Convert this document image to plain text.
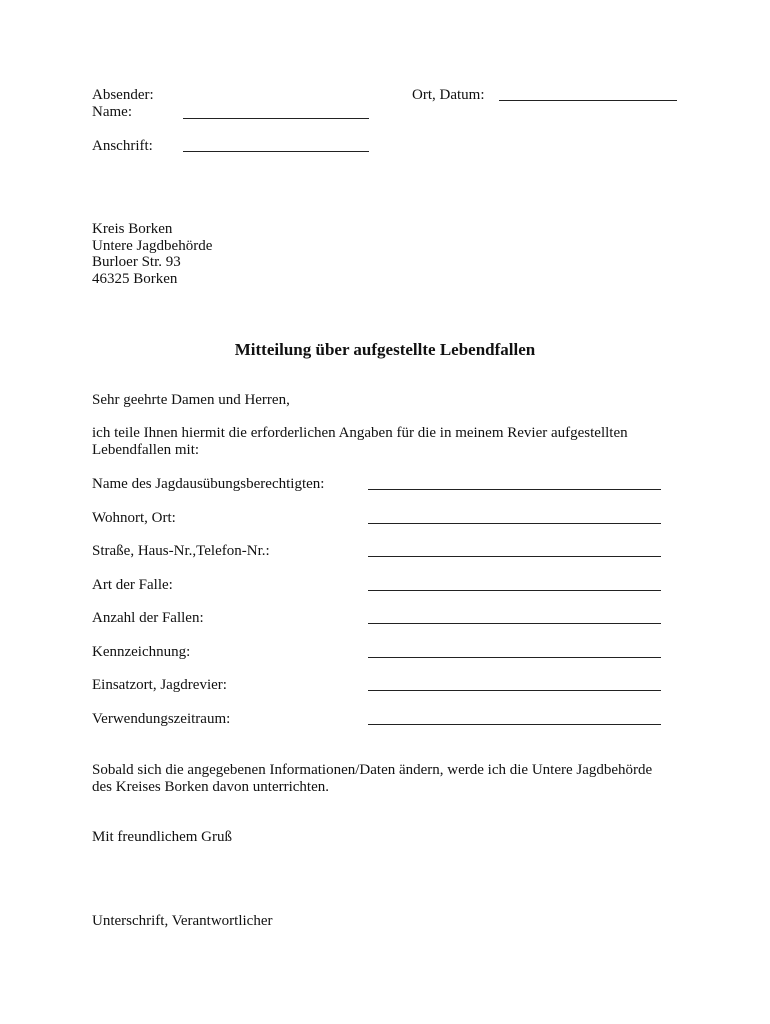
Absender:
Name:
Anschrift:
Ort, Datum:
Kreis Borken
Untere Jagdbehörde
Burloer Str. 93
46325 Borken
Mitteilung über aufgestellte Lebendfallen
Sehr geehrte Damen und Herren,
ich teile Ihnen hiermit die erforderlichen Angaben für die in meinem Revier aufgestellten
Lebendfallen mit:
Name des Jagdausübungsberechtigten:
Wohnort, Ort:
Straße, Haus-Nr.,Telefon-Nr.:
Art der Falle:
Anzahl der Fallen:
Kennzeichnung:
Einsatzort, Jagdrevier:
Verwendungszeitraum:
Sobald sich die angegebenen Informationen/Daten ändern, werde ich die Untere Jagdbehörde
des Kreises Borken davon unterrichten.
Mit freundlichem Gruß
Unterschrift, Verantwortlicher
